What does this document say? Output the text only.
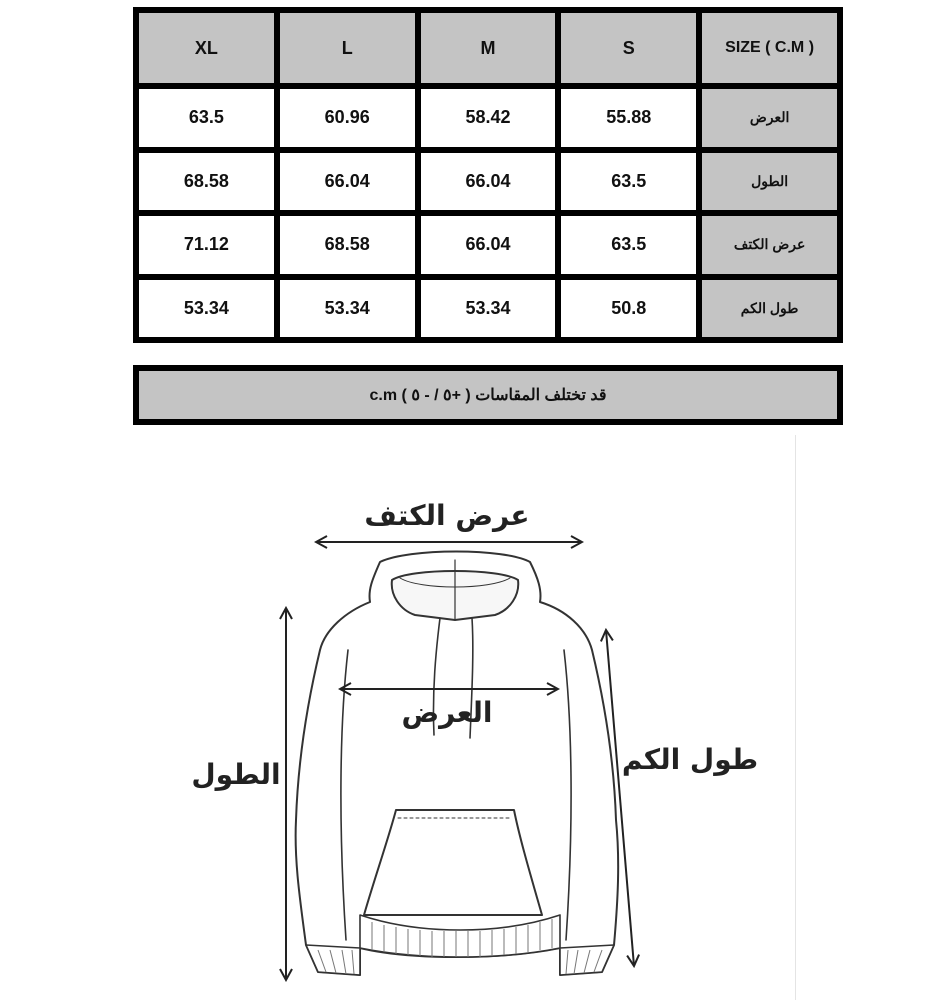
XL	L	M	S	SIZE ( C.M )
63.5	60.96	58.42	55.88	العرض
68.58	66.04	66.04	63.5	الطول
71.12	68.58	66.04	63.5	عرض الكتف
53.34	53.34	53.34	50.8	طول الكم
قد تختلف المقاسات ( +٥ / - ٥ ) c.m
عرض الكتف
العرض
الطول	طول الكم
